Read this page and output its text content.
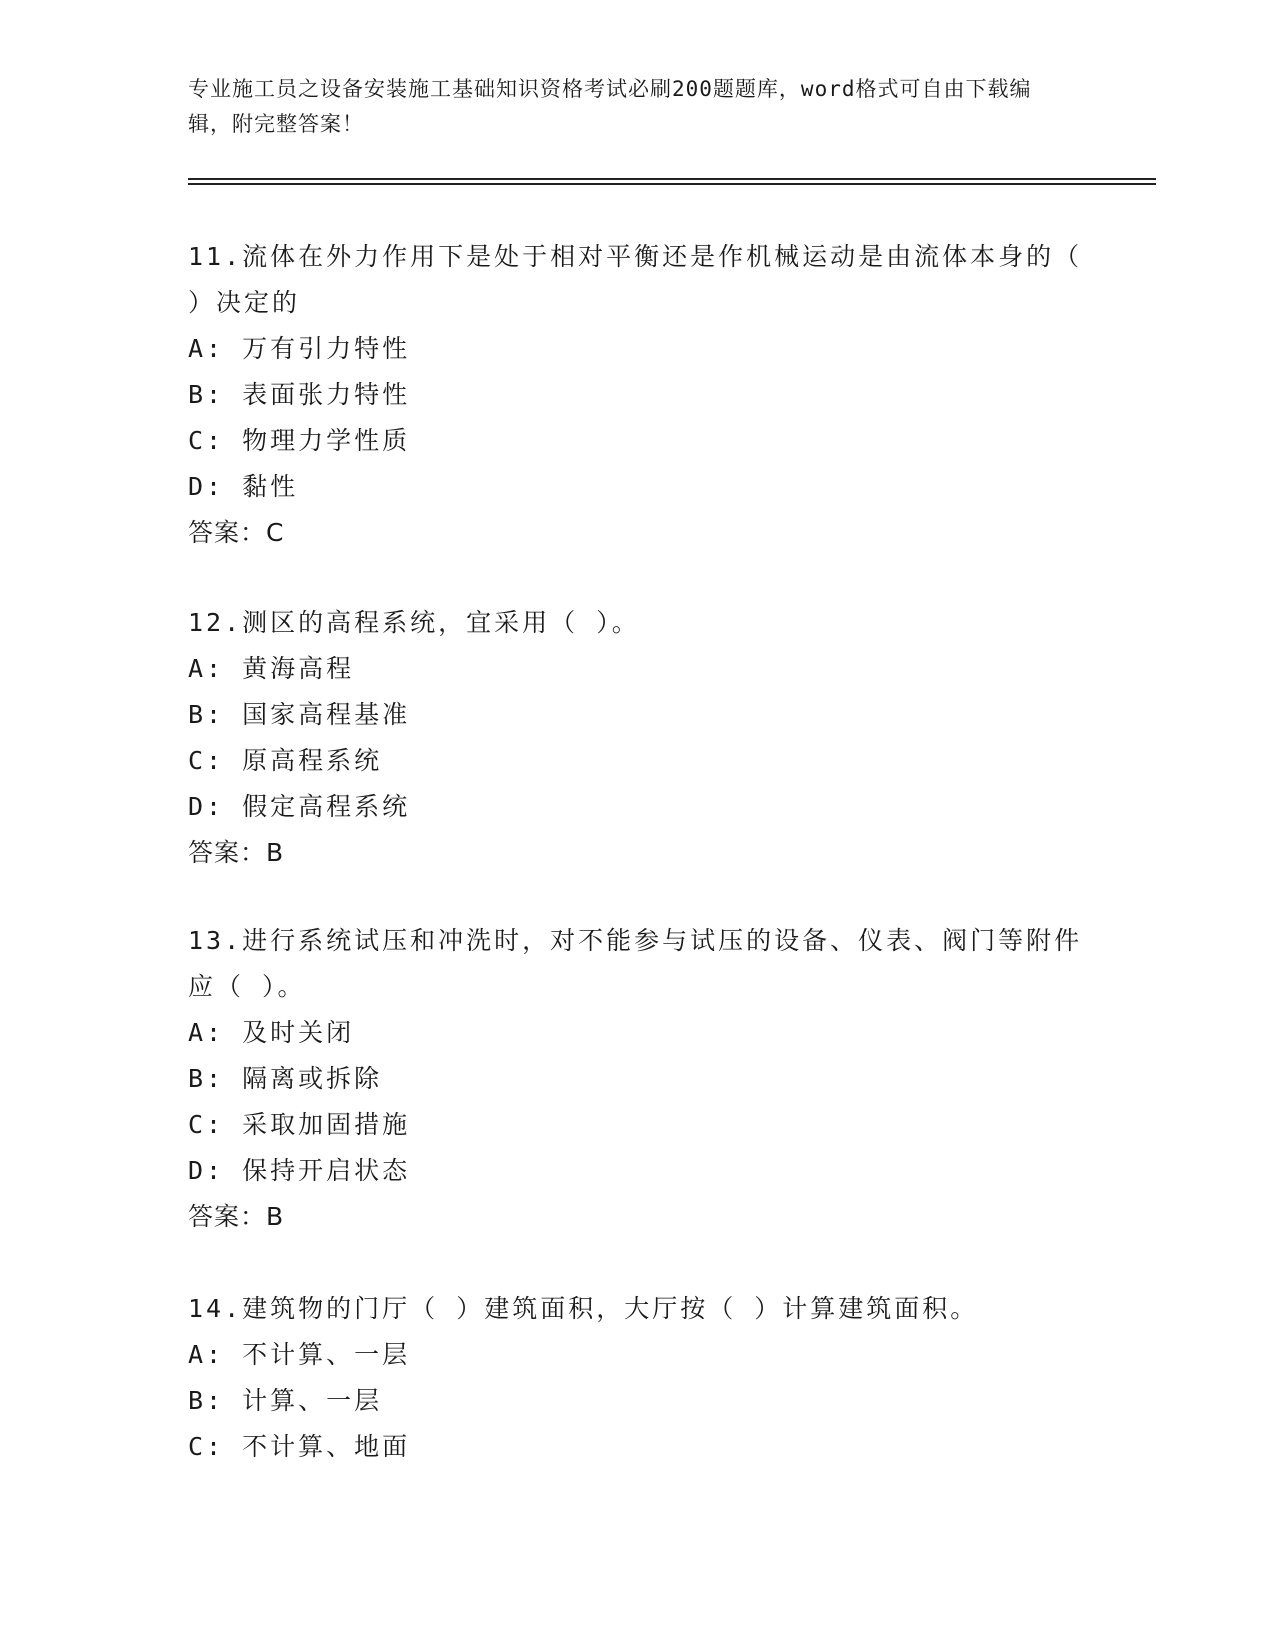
专业施工员之设备安装施工基础知识资格考试必刷200题题库，word格式可自由下载编辑，附完整答案！
11.流体在外力作用下是处于相对平衡还是作机械运动是由流体本身的（ ）决定的
A: 万有引力特性
B: 表面张力特性
C: 物理力学性质
D: 黏性
答案：C
12.测区的高程系统，宜采用（ ）。
A: 黄海高程
B: 国家高程基准
C: 原高程系统
D: 假定高程系统
答案：B
13.进行系统试压和冲洗时，对不能参与试压的设备、仪表、阀门等附件应（ ）。
A: 及时关闭
B: 隔离或拆除
C: 采取加固措施
D: 保持开启状态
答案：B
14.建筑物的门厅（ ）建筑面积，大厅按（ ）计算建筑面积。
A: 不计算、一层
B: 计算、一层
C: 不计算、地面
